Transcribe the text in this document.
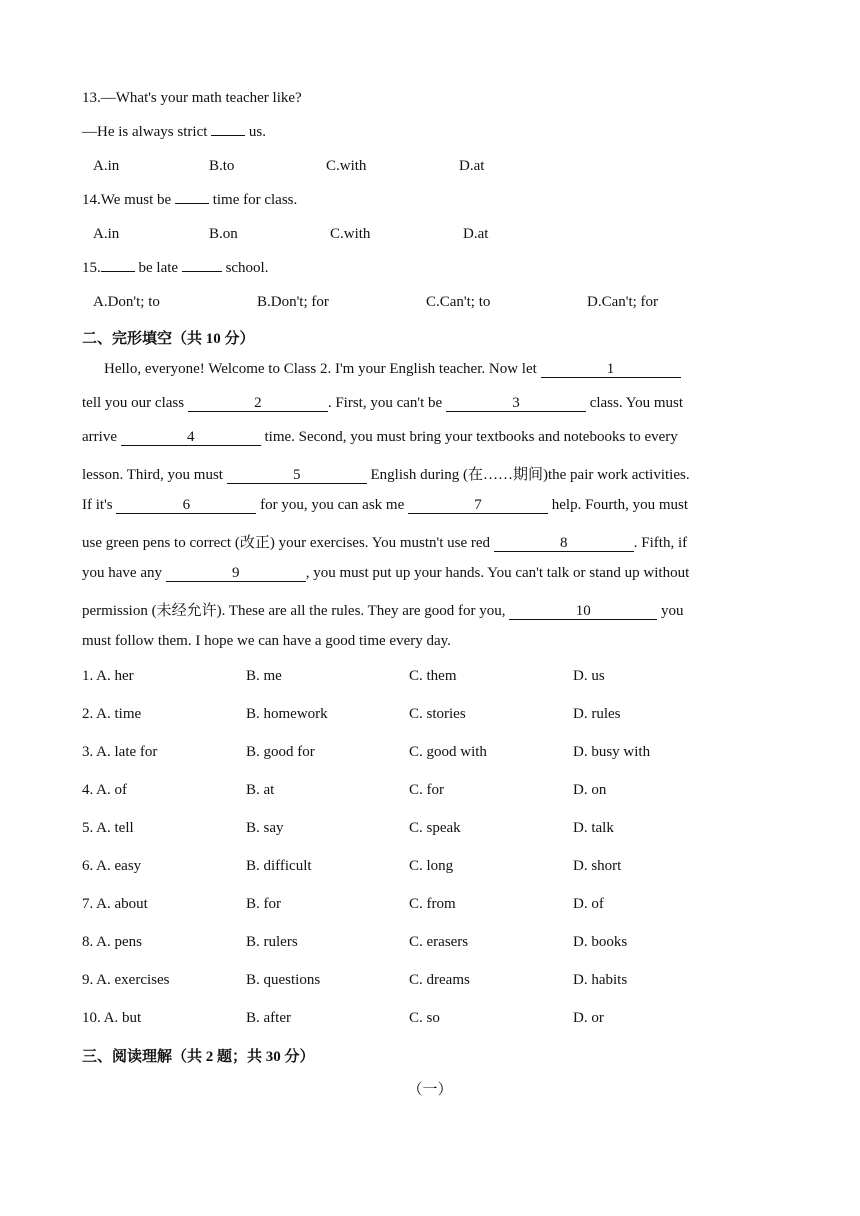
13.—What's your math teacher like?
—He is always strict  us.
A.in	B.to	C.with	D.at
14.We must be  time for class.
A.in	B.on	C.with	D.at
15. be late	school.
A.Don't; to	B.Don't; for	C.Can't; to	D.Can't; for
二、完形填空（共 10 分）
Hello, everyone! Welcome to Class 2. I'm your English teacher. Now let	1
tell you our class	2	. First, you can't be	3	class. You must
arrive	4	time. Second, you must bring your textbooks and notebooks to every
lesson. Third, you must	5	English during (在……期间)the pair work activities.
If it's	6	for you, you can ask me	7	help. Fourth, you must
use green pens to correct (改正) your exercises. You mustn't use red	8	. Fifth, if
you have any	9	, you must put up your hands. You can't talk or stand up without
permission (未经允许). These are all the rules. They are good for you,	10	you
must follow them. I hope we can have a good time every day.
1. A. her	B. me	C. them	D. us
2. A. time	B. homework	C. stories	D. rules
3. A. late for	B. good for	C. good with	D. busy with
4. A. of	B. at	C. for	D. on
5. A. tell	B. say	C. speak	D. talk
6. A. easy	B. difficult	C. long	D. short
7. A. about	B. for	C. from	D. of
8. A. pens	B. rulers	C. erasers	D. books
9. A. exercises	B. questions	C. dreams	D. habits
10. A. but	B. after	C. so	D. or
三、阅读理解（共 2 题；共 30 分）
（一）
